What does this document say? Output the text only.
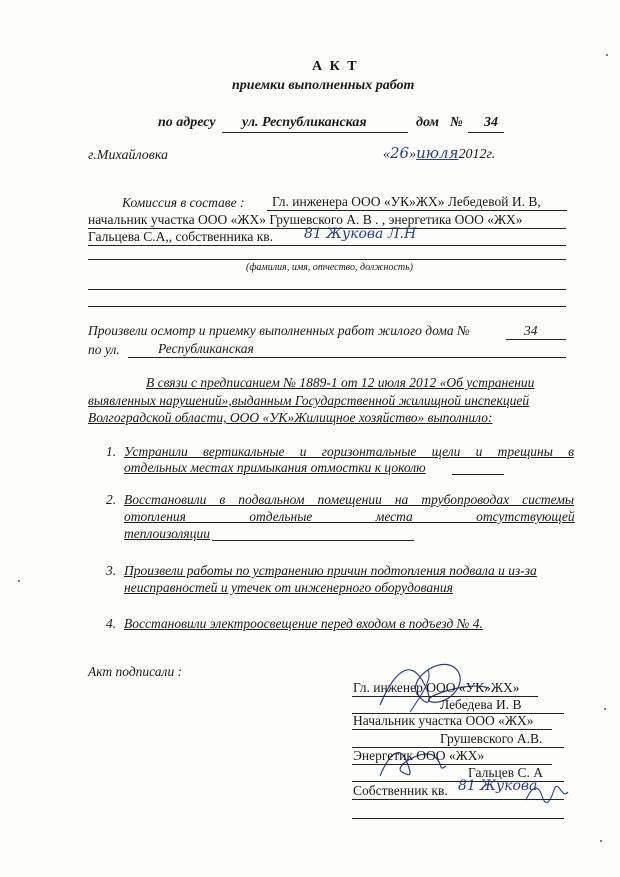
А К Т
приемки выполненных работ
по адресу ул. Республиканская	дом № 34
г.Михайловка	«26»июля2012г.
Комиссия в составе : Гл. инженера ООО «УК»ЖХ» Лебедевой И. В,
начальник участка ООО «ЖХ» Грушевского А. В . , энергетика ООО «ЖХ»
Гальцева С.А,, собственника кв. 81 Жукова Л.Н
(фамилия, имя, отчество, должность)
Произвели осмотр и приемку выполненных работ жилого дома №	34
по ул.	Республиканская
В связи с предписанием № 1889-1 от 12 июля 2012 «Об устранении
выявленных нарушений»,выданным Государственной жилищной инспекцией
Волгоградской области, ООО «УК»Жилищное хозяйство» выполнило:
1. Устранили вертикальные и горизонтальные щели и трещины в
отдельных местах примыкания отмостки к цоколю
2. Восстановили в подвальном помещении на трубопроводах системы
отопления отдельные места отсутствующей
теплоизоляции
3. Произвели работы по устранению причин подтопления подвала и из-за
неисправностей и утечек от инженерного оборудования
4. Восстановили электроосвещение перед входом в подъезд № 4.
Акт подписали :
Гл. инженер ООО «УК»ЖХ»
Лебедева И. В
Начальник участка ООО «ЖХ»
Грушевского А.В.
Энергетик ООО «ЖХ»
Гальцев С. А
Собственник кв. 81 Жукова
